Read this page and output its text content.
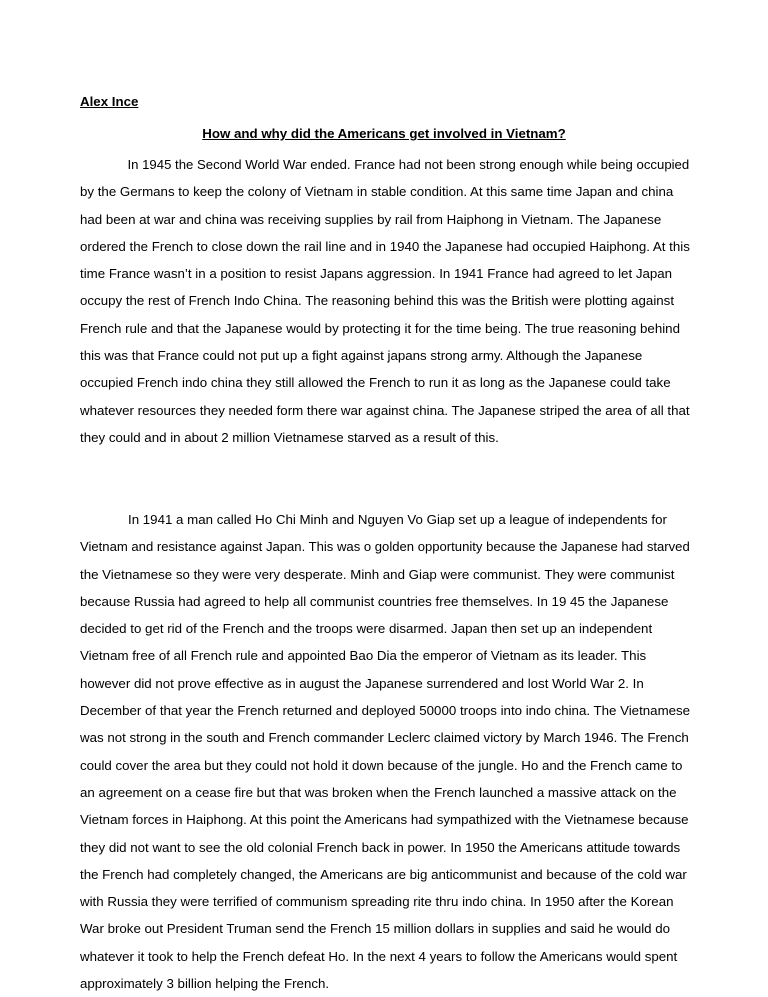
Alex Ince
How and why did the Americans get involved in Vietnam?
In 1945 the Second World War ended. France had not been strong enough while being occupied
by the Germans to keep the colony of Vietnam in stable condition. At this same time Japan and china
had been at war and china was receiving supplies by rail from Haiphong in Vietnam. The Japanese
ordered the French to close down the rail line and in 1940 the Japanese had occupied Haiphong. At this
time France wasn’t in a position to resist Japans aggression. In 1941 France had agreed to let Japan
occupy the rest of French Indo China. The reasoning behind this was the British were plotting against
French rule and that the Japanese would by protecting it for the time being. The true reasoning behind
this was that France could not put up a fight against japans strong army. Although the Japanese
occupied French indo china they still allowed the French to run it as long as the Japanese could take
whatever resources they needed form there war against china. The Japanese striped the area of all that
they could and in about 2 million Vietnamese starved as a result of this.
In 1941 a man called Ho Chi Minh and Nguyen Vo Giap set up a league of independents for
Vietnam and resistance against Japan. This was o golden opportunity because the Japanese had starved
the Vietnamese so they were very desperate. Minh and Giap were communist. They were communist
because Russia had agreed to help all communist countries free themselves. In 19 45 the Japanese
decided to get rid of the French and the troops were disarmed. Japan then set up an independent
Vietnam free of all French rule and appointed Bao Dia the emperor of Vietnam as its leader. This
however did not prove effective as in august the Japanese surrendered and lost World War 2. In
December of that year the French returned and deployed 50000 troops into indo china. The Vietnamese
was not strong in the south and French commander Leclerc claimed victory by March 1946. The French
could cover the area but they could not hold it down because of the jungle. Ho and the French came to
an agreement on a cease fire but that was broken when the French launched a massive attack on the
Vietnam forces in Haiphong. At this point the Americans had sympathized with the Vietnamese because
they did not want to see the old colonial French back in power. In 1950 the Americans attitude towards
the French had completely changed, the Americans are big anticommunist and because of the cold war
with Russia they were terrified of communism spreading rite thru indo china. In 1950 after the Korean
War broke out President Truman send the French 15 million dollars in supplies and said he would do
whatever it took to help the French defeat Ho. In the next 4 years to follow the Americans would spent
approximately 3 billion helping the French.
